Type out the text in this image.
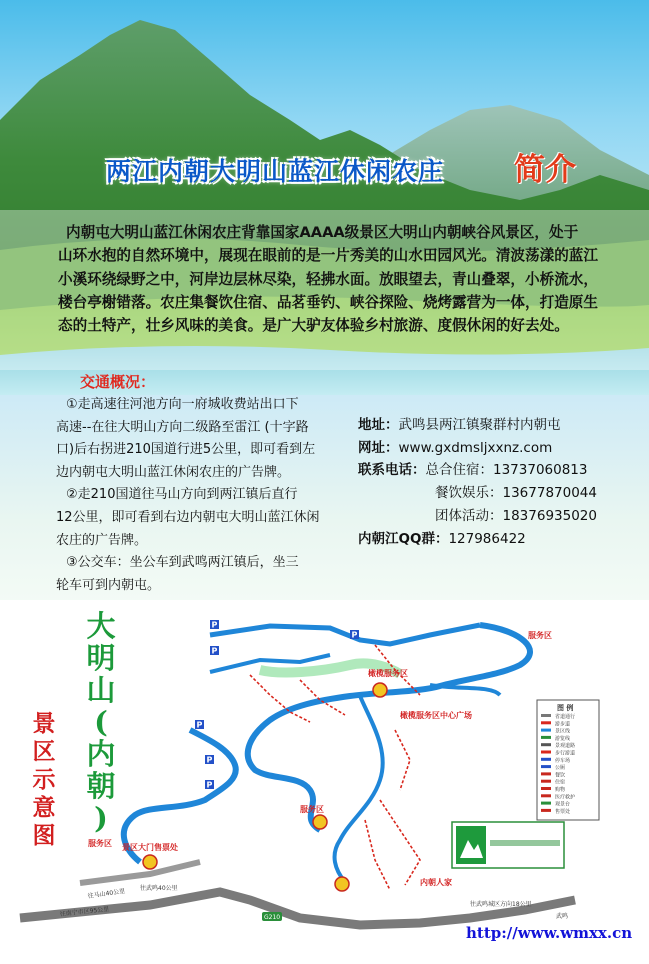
两江内朝大明山蓝江休闲农庄 简介
内朝屯大明山蓝江休闲农庄背靠国家AAAA级景区大明山内朝峡谷风景区，处于
山环水抱的自然环境中，展现在眼前的是一片秀美的山水田园风光。清波荡漾的蓝江
小溪环绕绿野之中，河岸边层林尽染，轻拂水面。放眼望去，青山叠翠，小桥流水，
楼台亭榭错落。农庄集餐饮住宿、品茗垂钓、峡谷探险、烧烤露营为一体，打造原生
态的土特产，壮乡风味的美食。是广大驴友体验乡村旅游、度假休闲的好去处。
交通概况：
①走高速往河池方向一府城收费站出口下
高速--在往大明山方向二级路至雷江 (十字路
口)后右拐进210国道行进5公里，即可看到左
边内朝屯大明山蓝江休闲农庄的广告牌。
②走210国道往马山方向到两江镇后直行
12公里，即可看到右边内朝屯大明山蓝江休闲
农庄的广告牌。
③公交车：坐公车到武鸣两江镇后，坐三
轮车可到内朝屯。
地址：武鸣县两江镇聚群村内朝屯
网址：www.gxdmsljxxnz.com
联系电话：总合住宿：13737060813
餐饮娱乐：13677870044
团体活动：18376935020
内朝江QQ群：127986422
G210
P
P
P
P
P
P
服务区
服务区
服务区
橄榄服务区
橄榄服务区中心广场
景区大门售票处
内朝人家
往马山40公里
往南宁市区95公里
往武鸣40公里
往武鸣城区方向18公里
武鸣
图 例
省道通行
游步道
景区线
游览线
景观道路
步行游道
停车场
公厕
餐饮
住宿
购物
医疗救护
观景台
售票处
大
明
山
(
内
朝
)
景
区
示
意
图
http://www.wmxx.cn
